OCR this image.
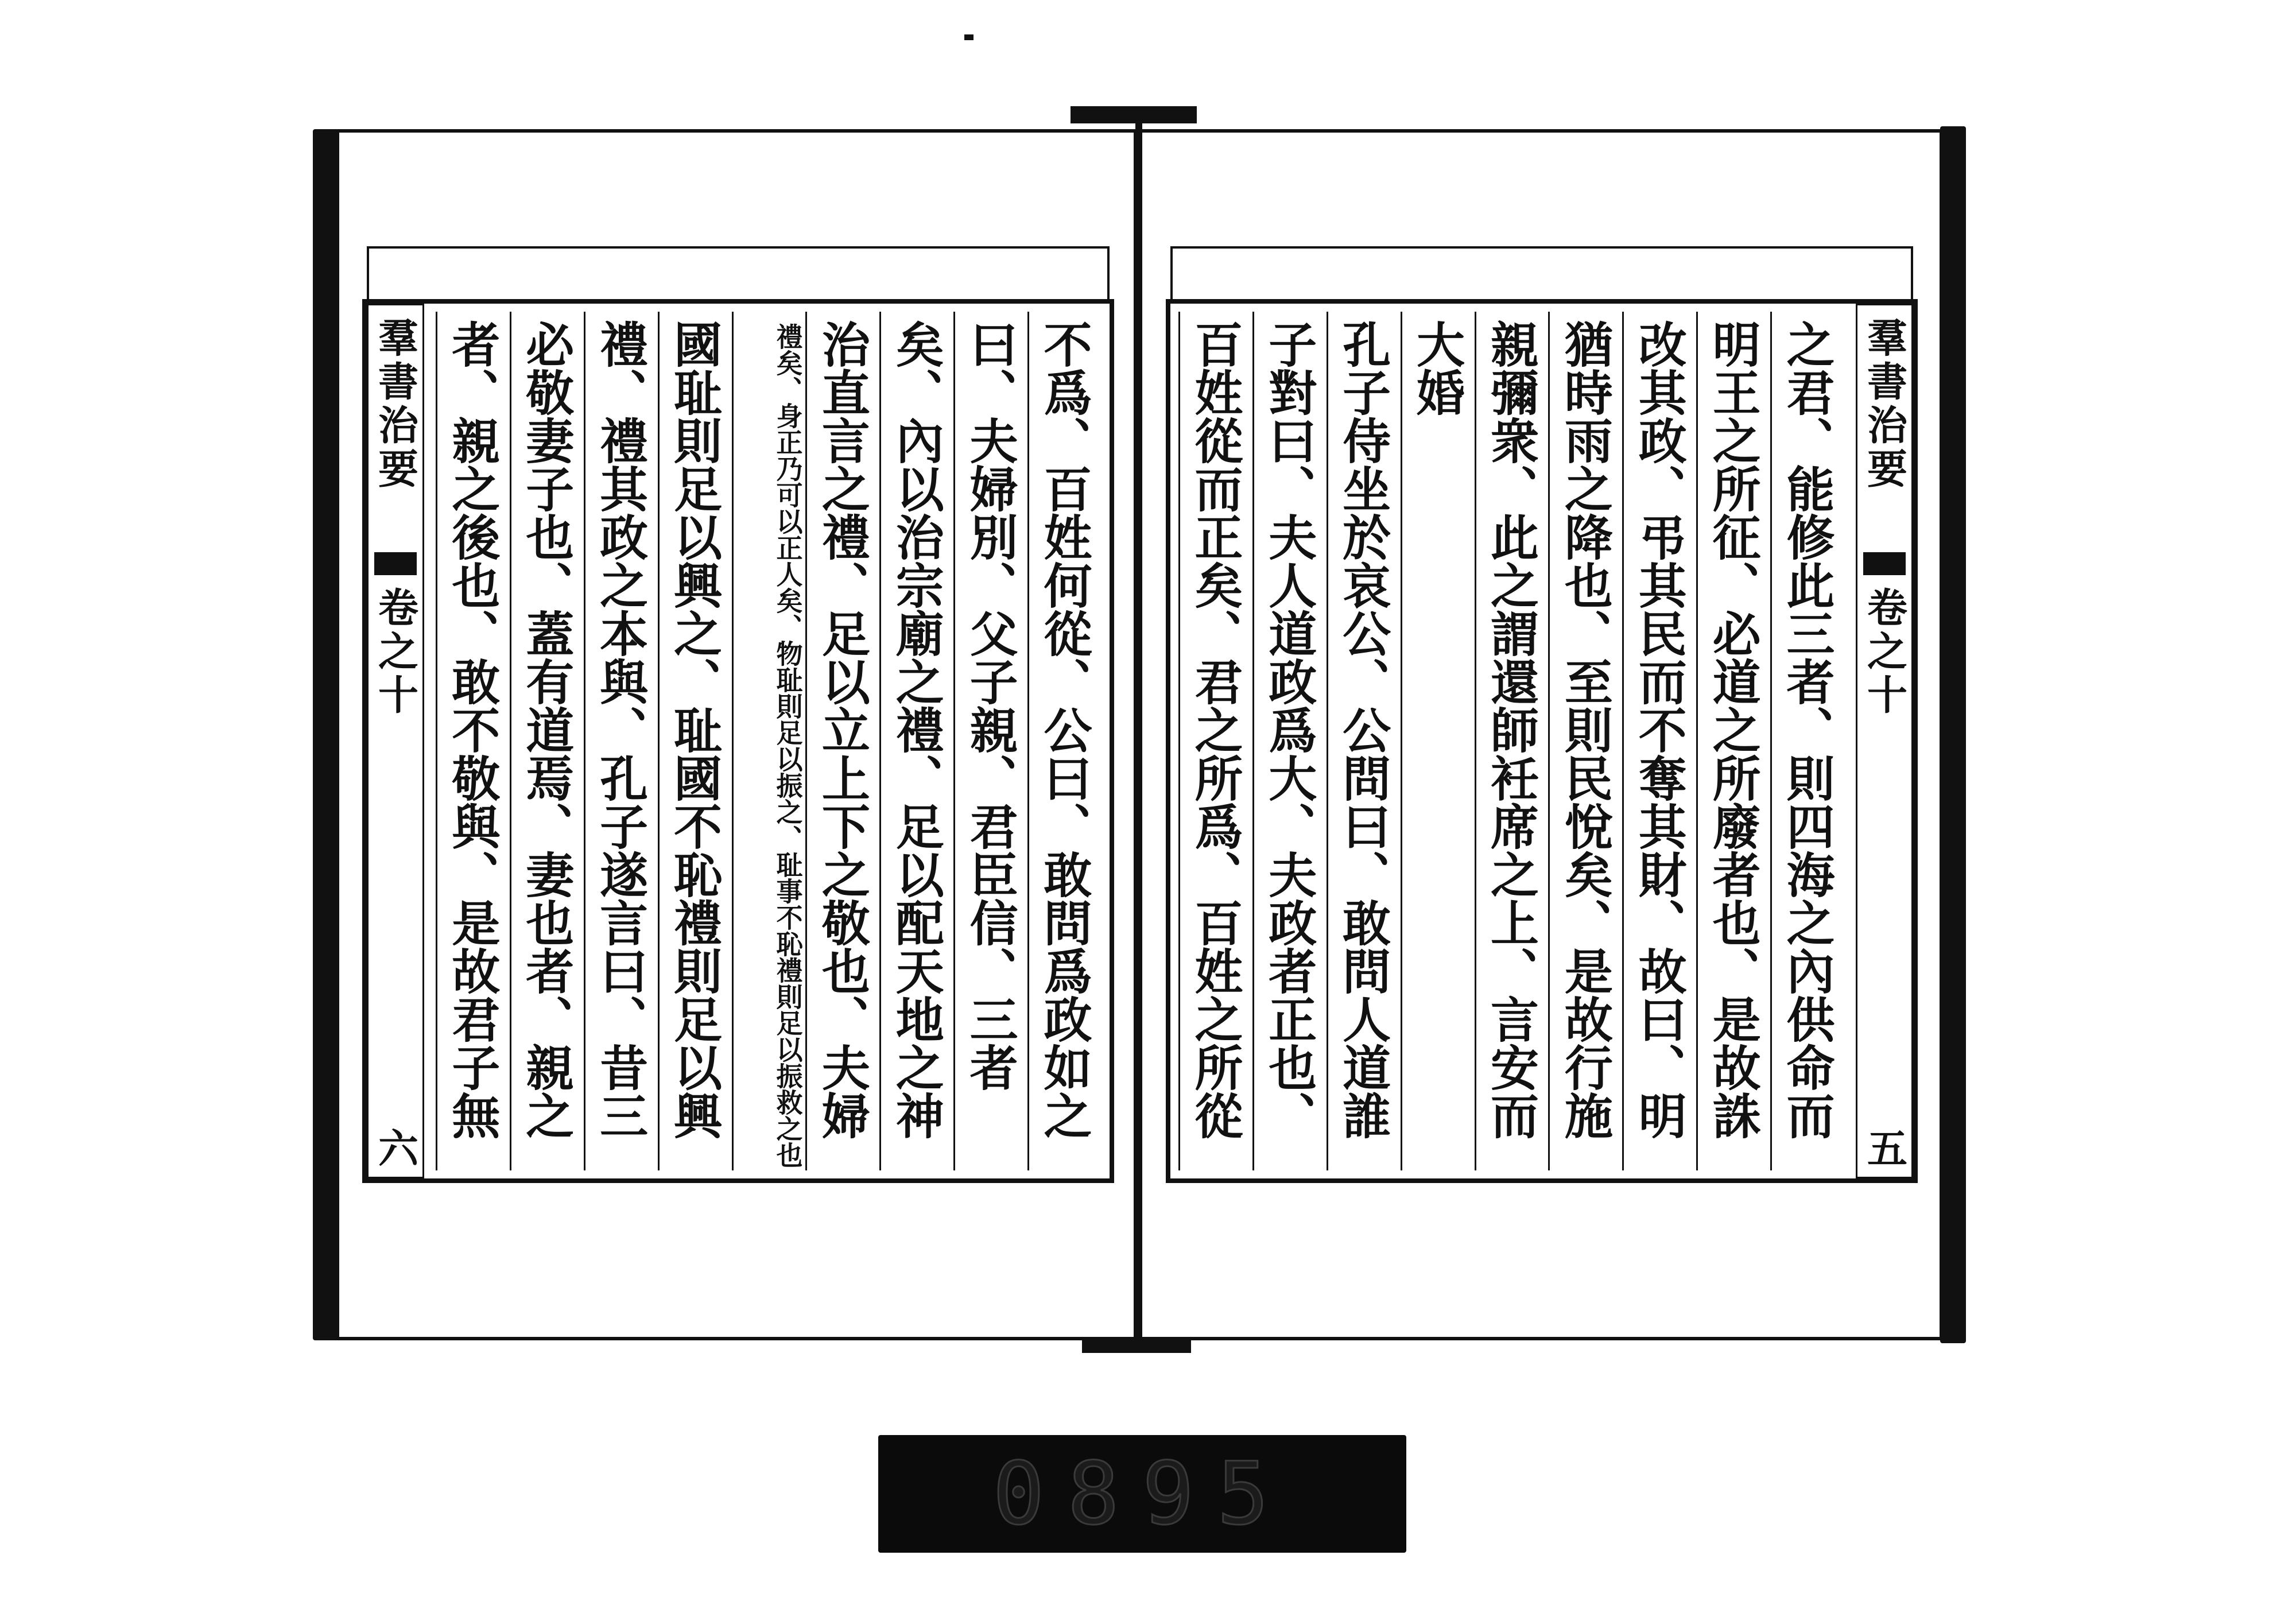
羣書治要
卷之十
六
不爲、百姓何從、公曰、敢問爲政如之
曰、夫婦別、父子親、君臣信、三者
矣、內以治宗廟之禮、足以配天地之神
治直言之禮、足以立上下之敬也、夫婦
禮矣、身正乃可以正人矣、物耻則足以振之、耻事不恥禮則足以振救之也
國耻則足以興之、耻國不恥禮則足以興
禮、禮其政之本與、孔子遂言曰、昔三
必敬妻子也、蓋有道焉、妻也者、親之
者、親之後也、敢不敬與、是故君子無
羣書治要
卷之十
五
之君、能修此三者、則四海之內供命而
明王之所征、必道之所廢者也、是故誅
改其政、弔其民而不奪其財、故曰、明
猶時雨之降也、至則民悅矣、是故行施
親彌衆、此之謂還師衽席之上、言安而
大婚
孔子侍坐於哀公、公問曰、敢問人道誰
子對曰、夫人道政爲大、夫政者正也、
百姓從而正矣、君之所爲、百姓之所從
0895
